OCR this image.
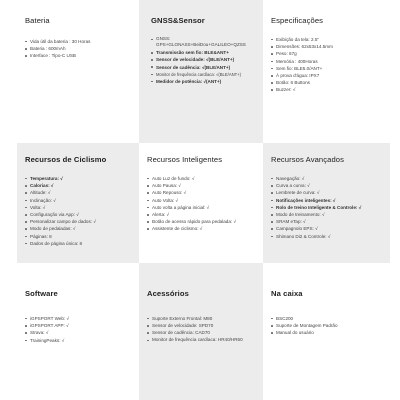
Bateria
Vida útil da bateria : 30 Horas
Bateria : 600mAh
Interface : Tipo-C USB
GNSS&Sensor
GNSS: GPS+GLONASS+BeiDou+GALILEO+QZSS
Transmissão sem fio: BLE&ANT+
Sensor de velocidade: √(BLE/ANT+)
Sensor de cadência: √(BLE/ANT+)
Monitor de frequência cardíaca: √(BLE/ANT+)
Medidor de potência: √(ANT+)
Especificações
Exibição da tela: 2.5"
Dimensões: 62x53x14.5mm
Peso: 67g
Memória : 400Horas
Sem fio: BLE5.0/ANT+
À prova d'água: IPX7
Botão: 6 Buttons
Buzzer: √
Recursos de Ciclismo
Temperatura: √
Calorias: √
Altitude: √
Inclinação: √
Volta: √
Configuração via App: √
Personalizar campo de dados: √
Modo de pedaladas: √
Páginas: 8
Dados de página única: 8
Recursos Inteligentes
Auto Luz de fundo: √
Auto Pausa: √
Auto Repouso: √
Auto Volta: √
Auto volta a página inicial: √
Alerta: √
Botão de acesso rápido para pedalada: √
Assistente de ciclismo: √
Recursos Avançados
Navegação: √
Curva a curva: √
Lembrete de curva: √
Notificações inteligentes: √
Rolo de treino Inteligente & Controle: √
Modo de treinamento: √
SRAM eTap: √
Campagnolo EPS: √
Shimano Di2 & Controle: √
Software
iGPSPORT Web: √
iGPSPORT APP: √
Strava: √
TrainingPeaks: √
Acessórios
Suporte Externo Frontal: M80
Sensor de velocidade: SPD70
Sensor de cadência: CAD70
Monitor de frequência cardíaca: HR40/HR60
Na caixa
BSC200
Suporte de Montagem Padrão
Manual do usuário
